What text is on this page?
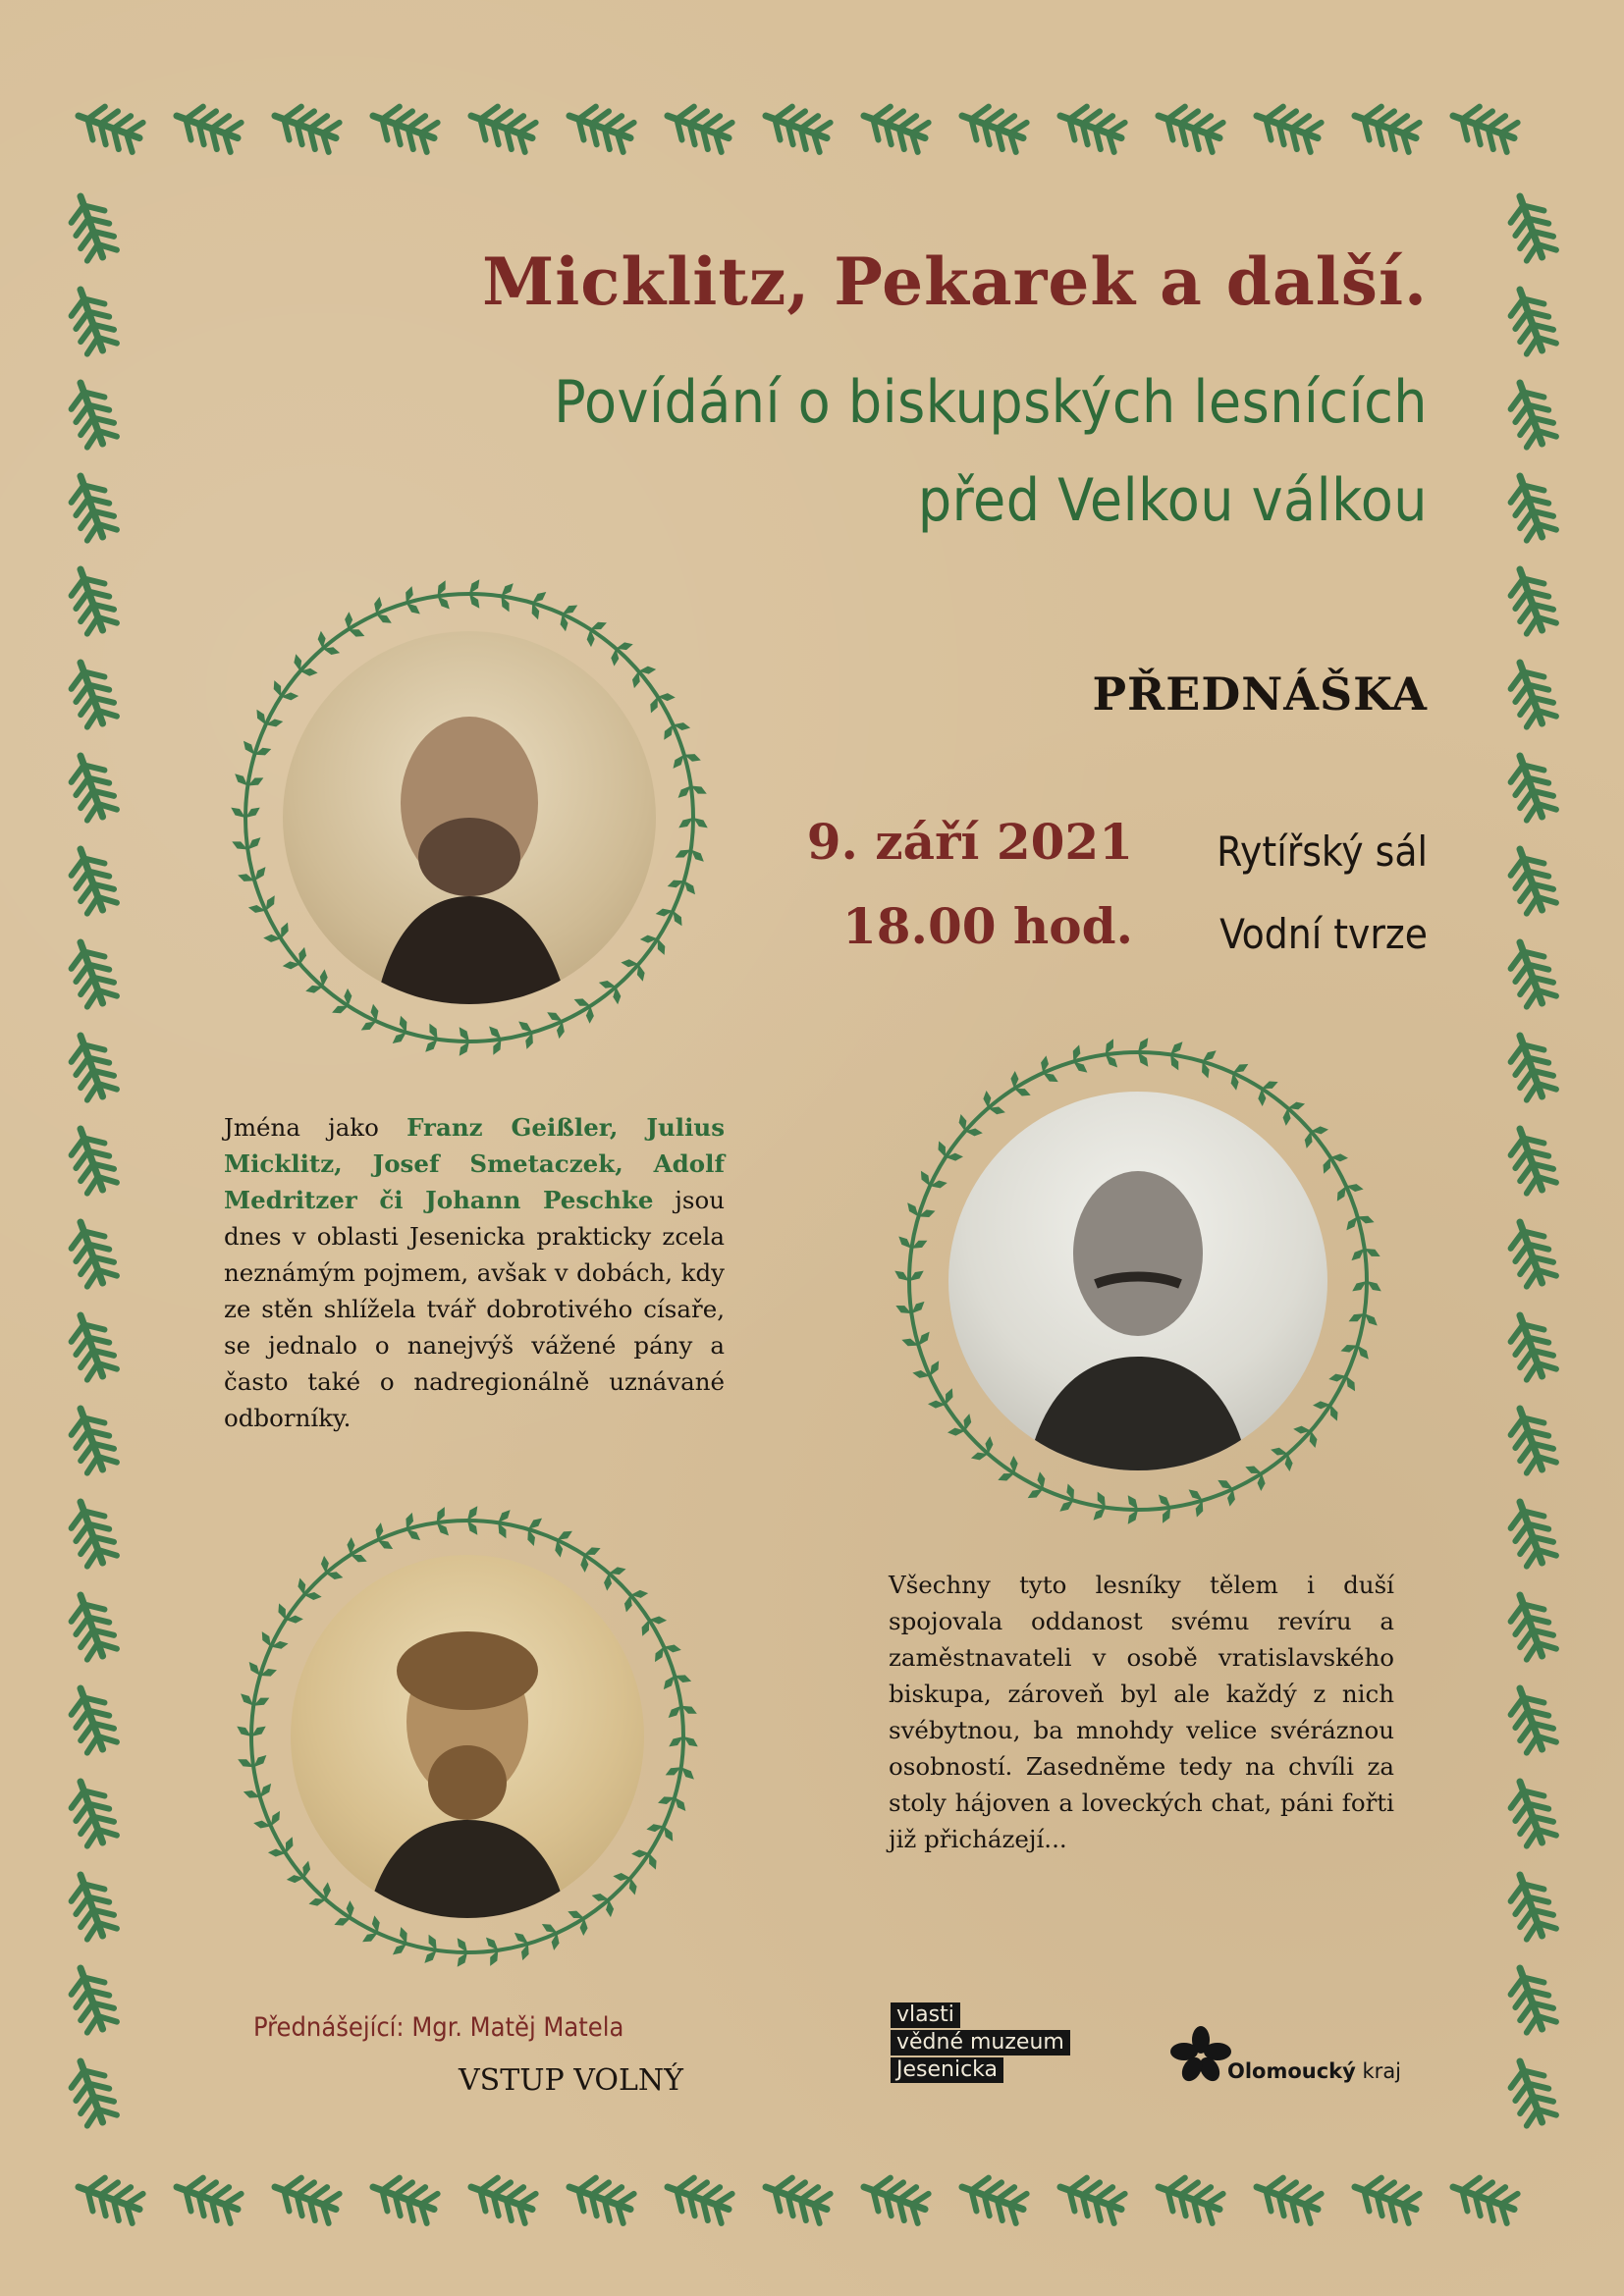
Micklitz, Pekarek a další.
Povídání o biskupských lesnících
před Velkou válkou
PŘEDNÁŠKA
9. září 2021
18.00 hod.
Rytířský sál
Vodní tvrze
Jména jako Franz Geißler, Julius Micklitz, Josef Smetaczek, Adolf Medritzer či Johann Peschke jsou dnes v oblasti Jesenicka prakticky zcela neznámým pojmem, avšak v dobách, kdy ze stěn shlížela tvář dobrotivého císaře, se jednalo o nanejvýš vážené pány a často také o nadregionálně uznávané odborníky.
Všechny tyto lesníky tělem i duší spojovala oddanost svému revíru a zaměstnavateli v osobě vratislavského biskupa, zároveň byl ale každý z nich svébytnou, ba mnohdy velice svéráznou osobností. Zasedněme tedy na chvíli za stoly hájoven a loveckých chat, páni fořti již přicházejí...
Přednášející: Mgr. Matěj Matela
VSTUP VOLNÝ
vlasti
vědné muzeum
Jesenicka	Olomoucký kraj
